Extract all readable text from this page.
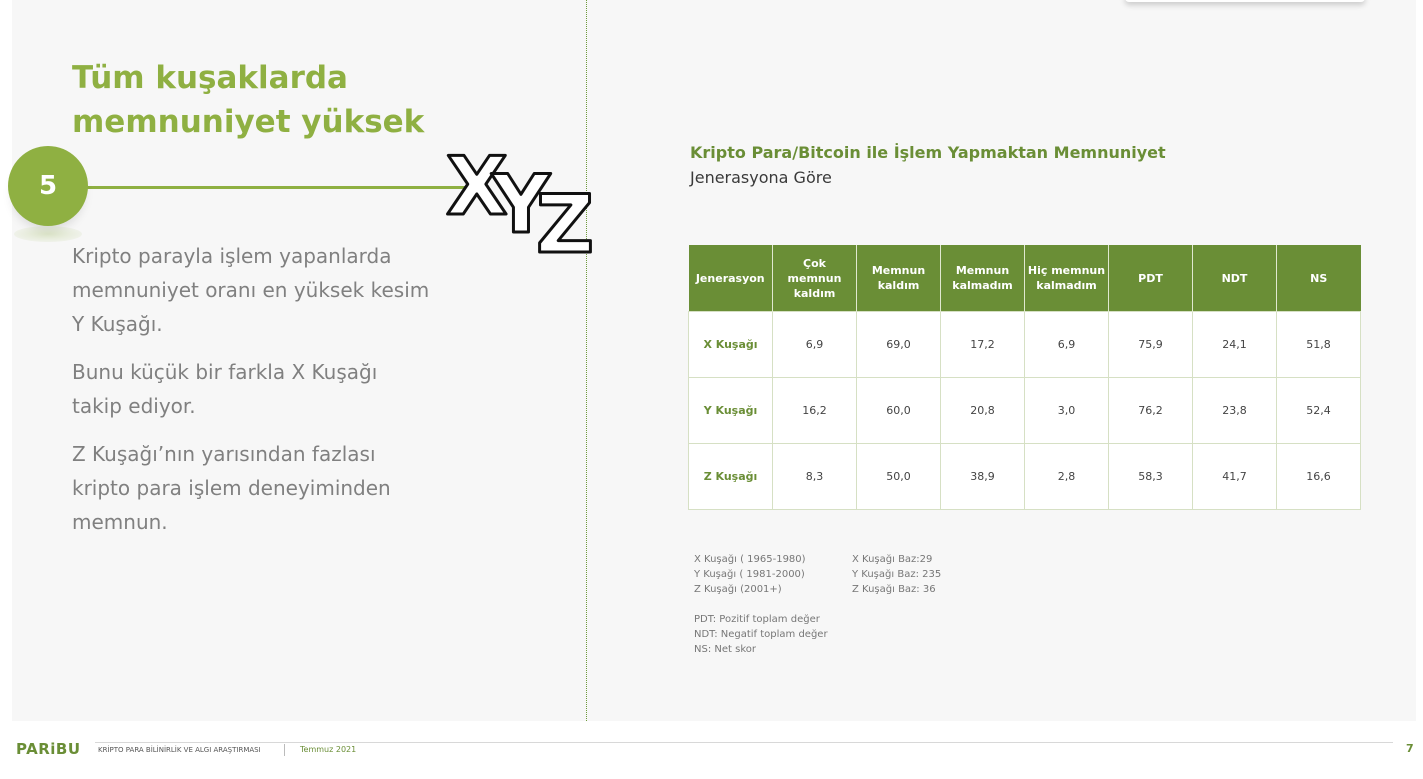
Tüm kuşaklarda
memnuniyet yüksek
5	X
Y
Z

Kripto parayla işlem yapanlarda memnuniyet oranı en yüksek kesim Y Kuşağı.

Bunu küçük bir farkla X Kuşağı takip ediyor.

Z Kuşağı’nın yarısından fazlası kripto para işlem deneyiminden memnun.

Kripto Para/Bitcoin ile İşlem Yapmaktan Memnuniyet
Jenerasyona Göre
Jenerasyon	Çok memnun kaldım	Memnun kaldım	Memnun kalmadım	Hiç memnun kalmadım	PDT	NDT	NS
X Kuşağı	6,9	69,0	17,2	6,9	75,9	24,1	51,8
Y Kuşağı	16,2	60,0	20,8	3,0	76,2	23,8	52,4
Z Kuşağı	8,3	50,0	38,9	2,8	58,3	41,7	16,6
X Kuşağı ( 1965-1980)
Y Kuşağı ( 1981-2000)
Z Kuşağı (2001+)
X Kuşağı Baz:29
Y Kuşağı Baz: 235
Z Kuşağı Baz: 36
PDT: Pozitif toplam değer
NDT: Negatif toplam değer
NS: Net skor
PARiBU KRİPTO PARA BİLİNİRLİK VE ALGI ARAŞTIRMASI	Temmuz 2021	7
